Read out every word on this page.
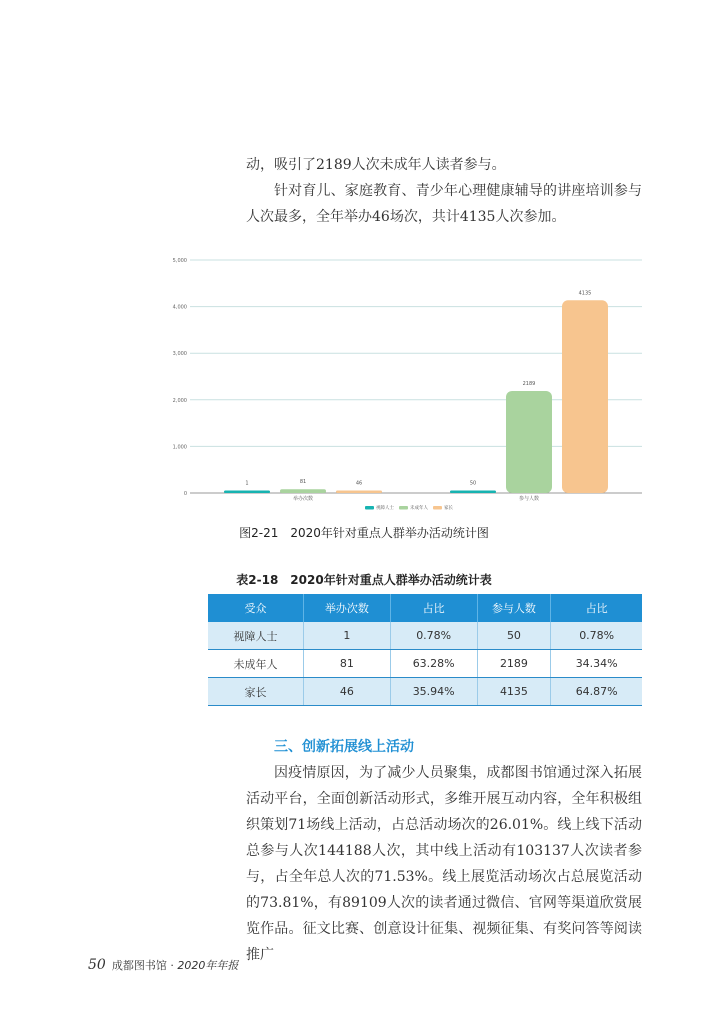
动，吸引了2189人次未成年人读者参与。
针对育儿、家庭教育、青少年心理健康辅导的讲座培训参与人次最多，全年举办46场次，共计4135人次参加。
0
1,000
2,000
3,000
4,000
5,000
1	81	46
举办次数
50
2189
4135
参与人数
视障人士	未成年人	家长
图2-21　2020年针对重点人群举办活动统计图
表2-18　2020年针对重点人群举办活动统计表
受众	举办次数	占比	参与人数	占比
视障人士	1	0.78%	50	0.78%
未成年人	81	63.28%	2189	34.34%
家长	46	35.94%	4135	64.87%
三、创新拓展线上活动
因疫情原因，为了减少人员聚集，成都图书馆通过深入拓展活动平台，全面创新活动形式，多维开展互动内容，全年积极组织策划71场线上活动，占总活动场次的26.01%。线上线下活动总参与人次144188人次，其中线上活动有103137人次读者参与，占全年总人次的71.53%。线上展览活动场次占总展览活动的73.81%，有89109人次的读者通过微信、官网等渠道欣赏展览作品。征文比赛、创意设计征集、视频征集、有奖问答等阅读推广
50 成都图书馆 · 2020年年报
